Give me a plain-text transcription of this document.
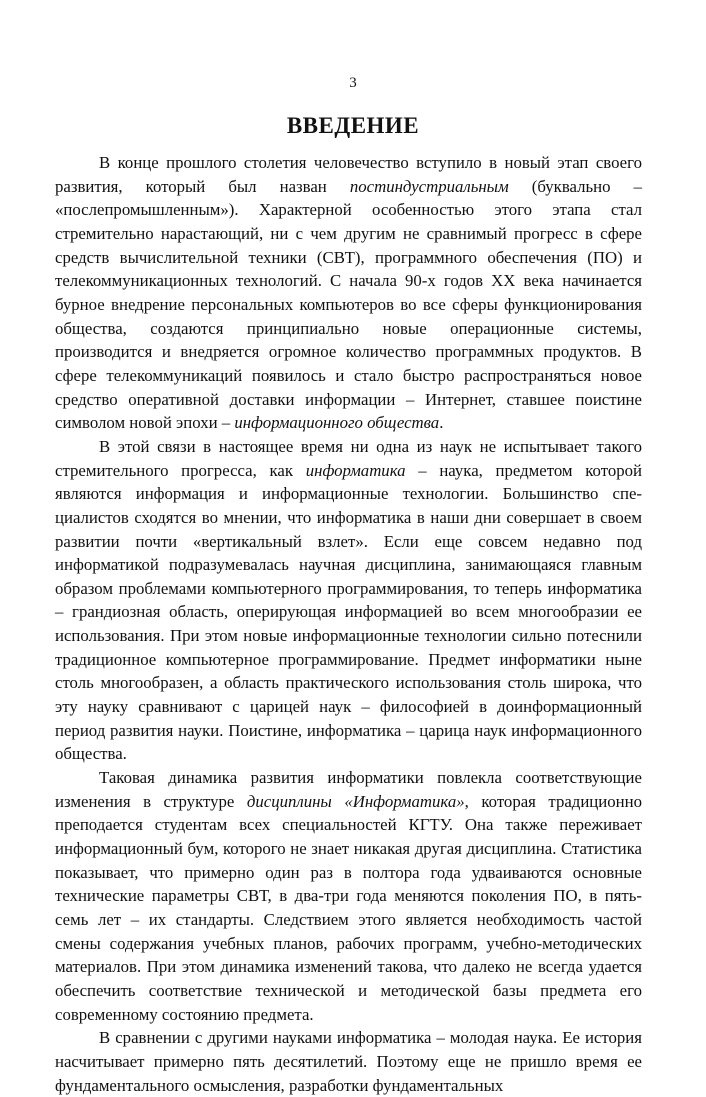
3
ВВЕДЕНИЕ

В конце прошлого столетия человечество вступило в новый этап своего развития, который был назван постиндустриальным (буквально – «послепромышленным»). Характерной особенностью этого этапа стал стремительно нарастающий, ни с чем другим не сравнимый прогресс в сфере средств вычислительной техники (СВТ), программного обеспечения (ПО) и телекоммуникационных технологий. С начала 90-х годов XX века начинается бурное внедрение персональных компьютеров во все сферы функционирования общества, создаются принципиально новые операционные системы, производится и внедряется огромное количество программных продуктов. В сфере телекоммуникаций появилось и стало быстро распространяться новое средство оперативной доставки информации – Интернет, ставшее поистине символом новой эпохи – информационного общества.

В этой связи в настоящее время ни одна из наук не испытывает такого стремительного прогресса, как информатика – наука, предметом которой являются информация и информационные технологии. Большинство специалистов сходятся во мнении, что информатика в наши дни совершает в своем развитии почти «вертикальный взлет». Если еще совсем недавно под информатикой подразумевалась научная дисциплина, занимающаяся главным образом проблемами компьютерного программирования, то теперь информатика – грандиозная область, оперирующая информацией во всем многообразии ее использования. При этом новые информационные технологии сильно потеснили традиционное компьютерное программирование. Предмет информатики ныне столь многообразен, а область практического использования столь широка, что эту науку сравнивают с царицей наук – философией в доинформационный период развития науки. Поистине, информатика – царица наук информационного общества.

Таковая динамика развития информатики повлекла соответствующие изменения в структуре дисциплины «Информатика», которая традиционно преподается студентам всех специальностей КГТУ. Она также переживает информационный бум, которого не знает никакая другая дисциплина. Статистика показывает, что примерно один раз в полтора года удваиваются основные технические параметры СВТ, в два-три года меняются поколения ПО, в пять-семь лет – их стандарты. Следствием этого является необходимость частой смены содержания учебных планов, рабочих программ, учебно-методических материалов. При этом динамика изменений такова, что далеко не всегда удается обеспечить соответствие технической и методической базы предмета его современному состоянию предмета.

В сравнении с другими науками информатика – молодая наука. Ее история насчитывает примерно пять десятилетий. Поэтому еще не пришло время ее фундаментального осмысления, разработки фундаментальных
